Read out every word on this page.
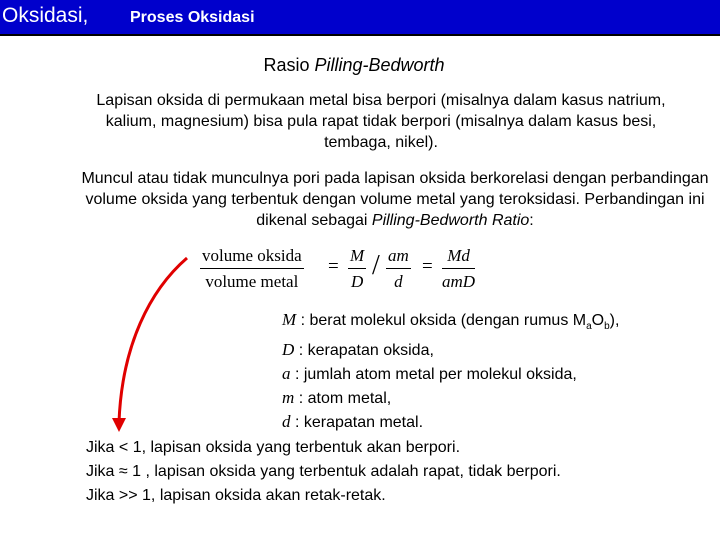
Oksidasi,	Proses Oksidasi
Rasio Pilling-Bedworth
Lapisan oksida di permukaan metal bisa berpori (misalnya dalam kasus natrium, kalium, magnesium) bisa pula rapat tidak berpori (misalnya dalam kasus besi, tembaga, nikel).
Muncul atau tidak munculnya pori pada lapisan oksida berkorelasi dengan perbandingan volume oksida yang terbentuk dengan volume metal yang teroksidasi. Perbandingan ini dikenal sebagai Pilling-Bedworth Ratio:
volume oksida
volume metal
= $\frac{M}{D} / \frac{am}{d}$ =
Md
amD
M : berat molekul oksida (dengan rumus $M_aO_b$),
D : kerapatan oksida,
a : jumlah atom metal per molekul oksida,
m : atom metal,
d : kerapatan metal.
Jika < 1, lapisan oksida yang terbentuk akan berpori.
Jika ≈ 1 , lapisan oksida yang terbentuk adalah rapat, tidak berpori.
Jika >> 1, lapisan oksida akan retak-retak.
